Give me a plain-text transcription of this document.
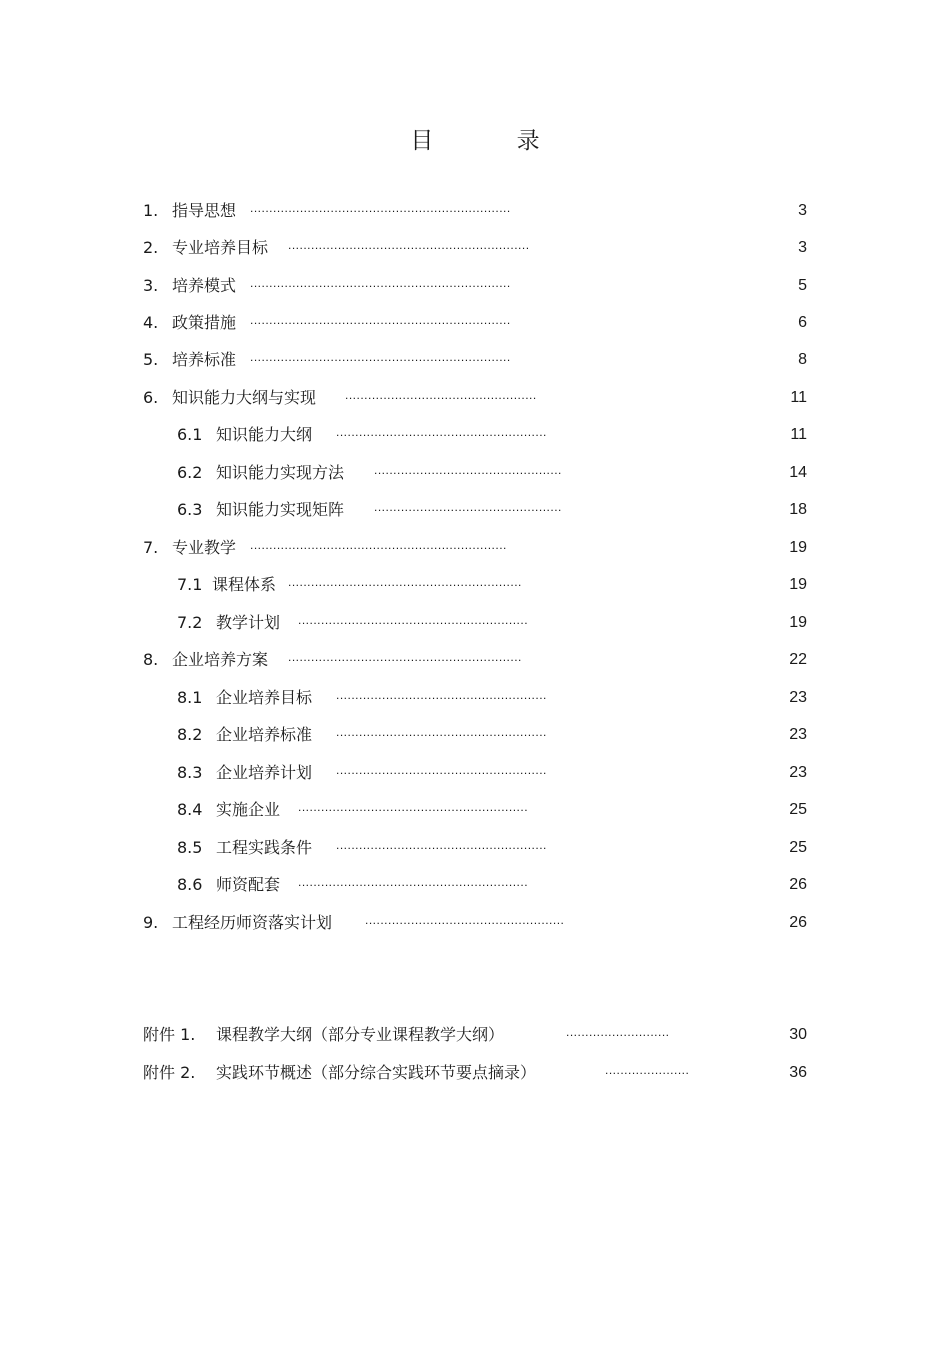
目 录
1. 指导思想 ....................................................................	3
2. 专业培养目标 ...............................................................	3
3. 培养模式 ....................................................................	5
4. 政策措施 ....................................................................	6
5. 培养标准 ....................................................................	8
6. 知识能力大纲与实现 ..................................................	11
6.1 知识能力大纲 .......................................................	11
6.2 知识能力实现方法 .................................................	14
6.3 知识能力实现矩阵 .................................................	18
7. 专业教学 ...................................................................	19
7.1 课程体系 .............................................................	19
7.2 教学计划 ............................................................	19
8. 企业培养方案 .............................................................	22
8.1 企业培养目标 .......................................................	23
8.2 企业培养标准 .......................................................	23
8.3 企业培养计划 .......................................................	23
8.4 实施企业 ............................................................	25
8.5 工程实践条件 .......................................................	25
8.6 师资配套 ............................................................	26
9. 工程经历师资落实计划	....................................................	26
附件 1. 课程教学大纲（部分专业课程教学大纲）	...........................	30
附件 2. 实践环节概述（部分综合实践环节要点摘录）	......................	36
